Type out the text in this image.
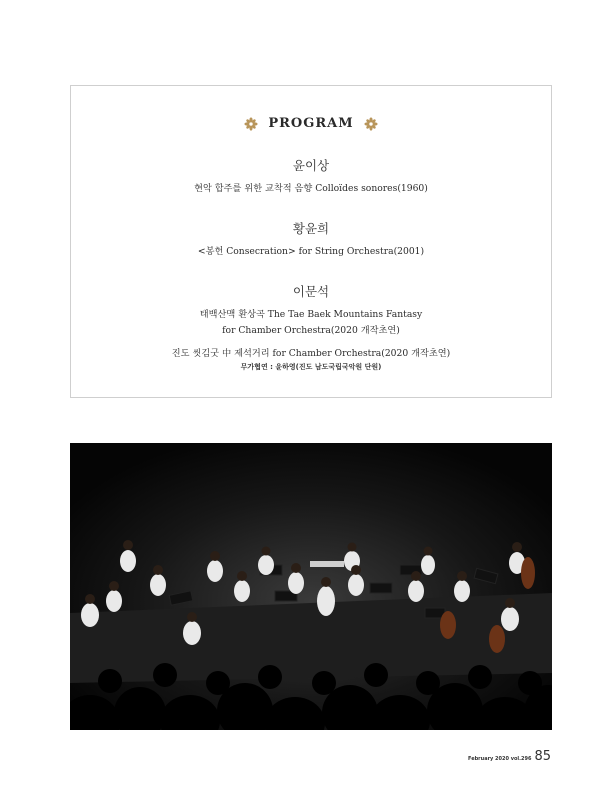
PROGRAM
윤이상
현악 합주를 위한 교착적 음향 Colloïdes sonores(1960)
황윤희
<봉헌 Consecration> for String Orchestra(2001)
이문석
태백산맥 환상곡 The Tae Baek Mountains Fantasy
for Chamber Orchestra(2020 개작초연)
진도 씻김굿 中 제석거리 for Chamber Orchestra(2020 개작초연)
무가협연 : 윤하영(진도 남도국립국악원 단원)
February 2020 vol.296 85
